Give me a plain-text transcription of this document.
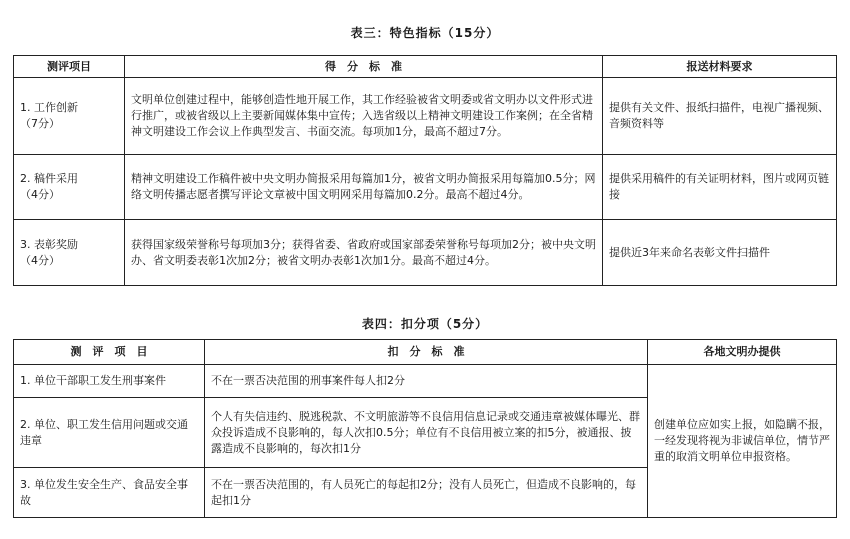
表三：特色指标（15分）
测评项目	得　分　标　准	报送材料要求
1. 工作创新
（7分）	文明单位创建过程中，能够创造性地开展工作，其工作经验被省文明委或省文明办以文件形式进行推广，或被省级以上主要新闻媒体集中宣传；入选省级以上精神文明建设工作案例；在全省精神文明建设工作会议上作典型发言、书面交流。每项加1分，最高不超过7分。	提供有关文件、报纸扫描件，电视广播视频、音频资料等
2. 稿件采用
（4分）	精神文明建设工作稿件被中央文明办简报采用每篇加1分，被省文明办简报采用每篇加0.5分；网络文明传播志愿者撰写评论文章被中国文明网采用每篇加0.2分。最高不超过4分。	提供采用稿件的有关证明材料，图片或网页链接
3. 表彰奖励
（4分）	获得国家级荣誉称号每项加3分；获得省委、省政府或国家部委荣誉称号每项加2分；被中央文明办、省文明委表彰1次加2分；被省文明办表彰1次加1分。最高不超过4分。	提供近3年来命名表彰文件扫描件
表四：扣分项（5分）
测　评　项　目	扣　分　标　准	各地文明办提供
1. 单位干部职工发生刑事案件	不在一票否决范围的刑事案件每人扣2分	创建单位应如实上报，如隐瞒不报，一经发现将视为非诚信单位，情节严重的取消文明单位申报资格。
2. 单位、职工发生信用问题或交通违章	个人有失信违约、脱逃税款、不文明旅游等不良信用信息记录或交通违章被媒体曝光、群众投诉造成不良影响的，每人次扣0.5分；单位有不良信用被立案的扣5分，被通报、披露造成不良影响的，每次扣1分	
3. 单位发生安全生产、食品安全事故	不在一票否决范围的，有人员死亡的每起扣2分；没有人员死亡，但造成不良影响的，每起扣1分	
